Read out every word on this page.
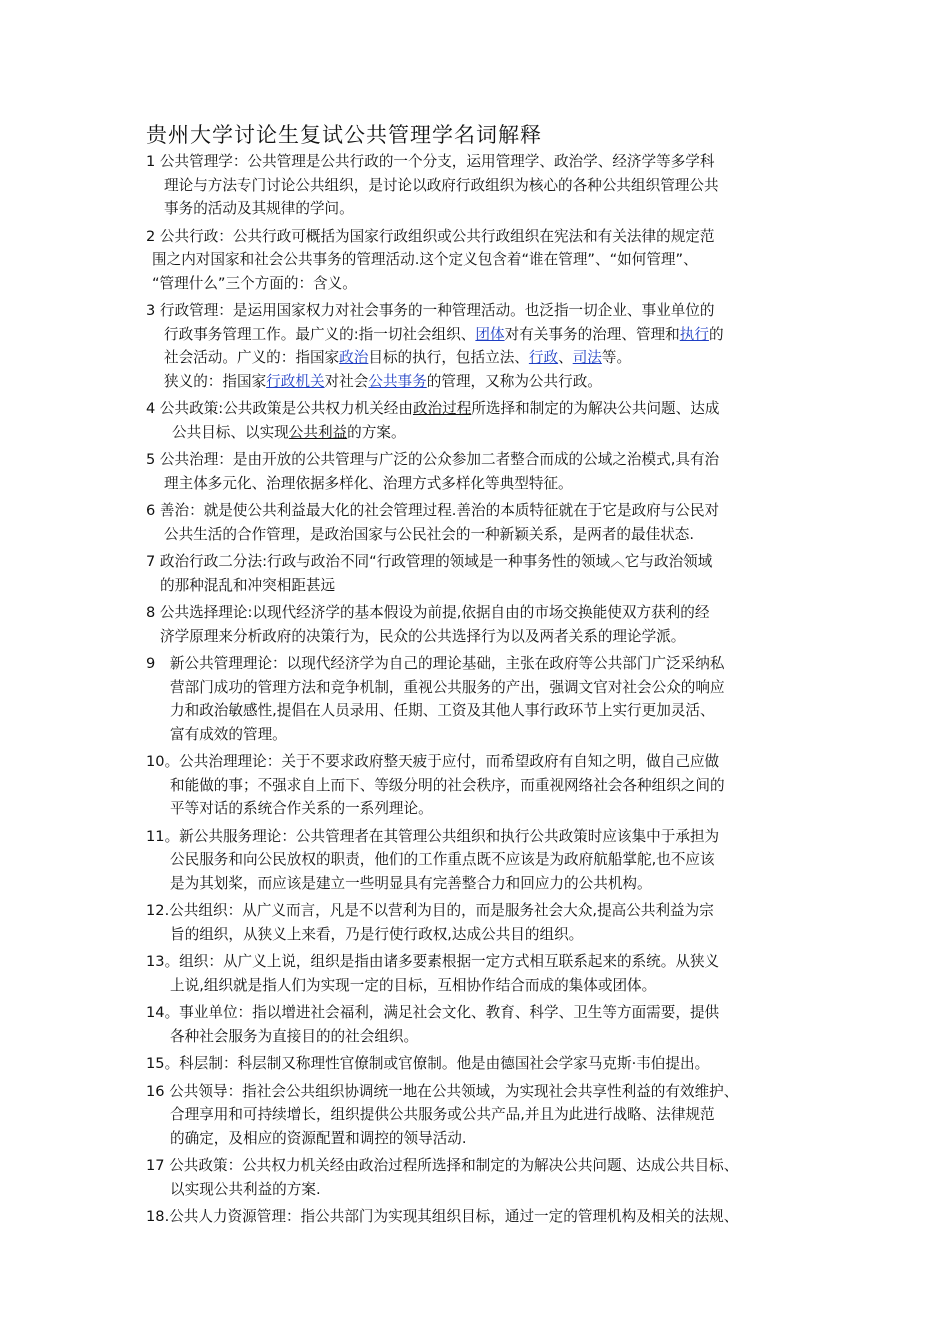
贵州大学讨论生复试公共管理学名词解释
1 公共管理学：公共管理是公共行政的一个分支，运用管理学、政治学、经济学等多学科
理论与方法专门讨论公共组织，是讨论以政府行政组织为核心的各种公共组织管理公共
事务的活动及其规律的学问。
2 公共行政：公共行政可概括为国家行政组织或公共行政组织在宪法和有关法律的规定范
围之内对国家和社会公共事务的管理活动.这个定义包含着“谁在管理”、“如何管理”、
“管理什么”三个方面的：含义。
3 行政管理：是运用国家权力对社会事务的一种管理活动。也泛指一切企业、事业单位的
行政事务管理工作。最广义的:指一切社会组织、团体对有关事务的治理、管理和执行的
社会活动。广义的：指国家政治目标的执行，包括立法、行政、司法等。
狭义的：指国家行政机关对社会公共事务的管理，又称为公共行政。
4 公共政策:公共政策是公共权力机关经由政治过程所选择和制定的为解决公共问题、达成
公共目标、以实现公共利益的方案。
5 公共治理：是由开放的公共管理与广泛的公众参加二者整合而成的公域之治模式,具有治
理主体多元化、治理依据多样化、治理方式多样化等典型特征。
6 善治：就是使公共利益最大化的社会管理过程.善治的本质特征就在于它是政府与公民对
公共生活的合作管理，是政治国家与公民社会的一种新颖关系，是两者的最佳状态.
7 政治行政二分法:行政与政治不同“行政管理的领域是一种事务性的领域︿它与政治领域
的那种混乱和冲突相距甚远
8 公共选择理论:以现代经济学的基本假设为前提,依据自由的市场交换能使双方获利的经
济学原理来分析政府的决策行为，民众的公共选择行为以及两者关系的理论学派。
9　新公共管理理论：以现代经济学为自己的理论基础，主张在政府等公共部门广泛采纳私
营部门成功的管理方法和竞争机制，重视公共服务的产出，强调文官对社会公众的响应
力和政治敏感性,提倡在人员录用、任期、工资及其他人事行政环节上实行更加灵活、
富有成效的管理。
10。公共治理理论：关于不要求政府整天疲于应付，而希望政府有自知之明，做自己应做
和能做的事；不强求自上而下、等级分明的社会秩序，而重视网络社会各种组织之间的
平等对话的系统合作关系的一系列理论。
11。新公共服务理论：公共管理者在其管理公共组织和执行公共政策时应该集中于承担为
公民服务和向公民放权的职责，他们的工作重点既不应该是为政府航船掌舵,也不应该
是为其划桨，而应该是建立一些明显具有完善整合力和回应力的公共机构。
12.公共组织：从广义而言，凡是不以营利为目的，而是服务社会大众,提高公共利益为宗
旨的组织，从狭义上来看，乃是行使行政权,达成公共目的组织。
13。组织：从广义上说，组织是指由诸多要素根据一定方式相互联系起来的系统。从狭义
上说,组织就是指人们为实现一定的目标，互相协作结合而成的集体或团体。
14。事业单位：指以增进社会福利，满足社会文化、教育、科学、卫生等方面需要，提供
各种社会服务为直接目的的社会组织。
15。科层制：科层制又称理性官僚制或官僚制。他是由德国社会学家马克斯·韦伯提出。
16 公共领导：指社会公共组织协调统一地在公共领域，为实现社会共享性利益的有效维护、
合理享用和可持续增长，组织提供公共服务或公共产品,并且为此进行战略、法律规范
的确定，及相应的资源配置和调控的领导活动.
17 公共政策：公共权力机关经由政治过程所选择和制定的为解决公共问题、达成公共目标、
以实现公共利益的方案.
18.公共人力资源管理：指公共部门为实现其组织目标，通过一定的管理机构及相关的法规、
